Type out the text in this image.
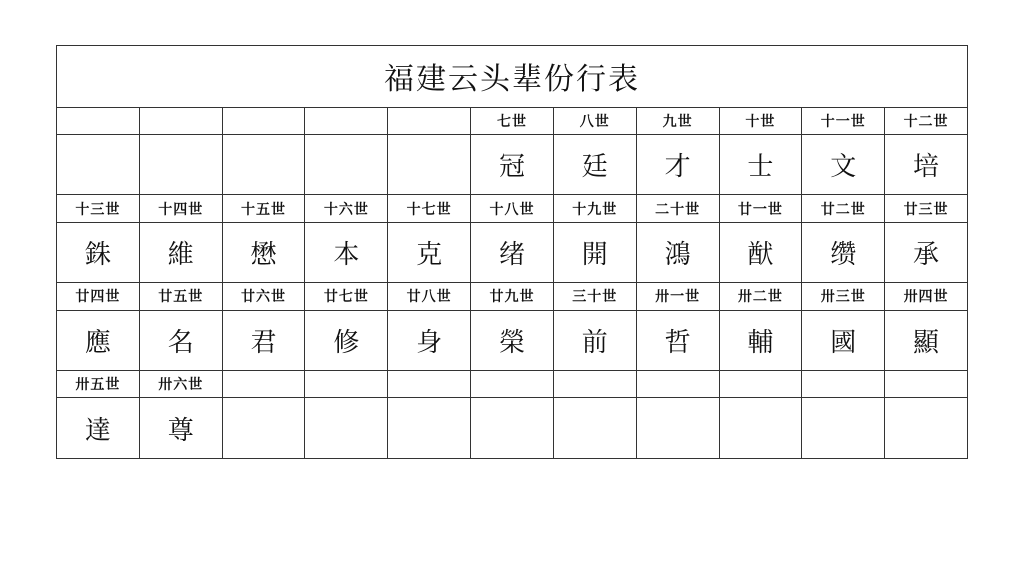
福建云头辈份行表										
					七世	八世	九世	十世	十一世	十二世
					冠	廷	才	士	文	培
十三世	十四世	十五世	十六世	十七世	十八世	十九世	二十世	廿一世	廿二世	廿三世
銖	維	懋	本	克	绪	開	鴻	猷	缵	承
廿四世	廿五世	廿六世	廿七世	廿八世	廿九世	三十世	卅一世	卅二世	卅三世	卅四世
應	名	君	修	身	榮	前	哲	輔	國	顯
卅五世	卅六世									
達	尊									
